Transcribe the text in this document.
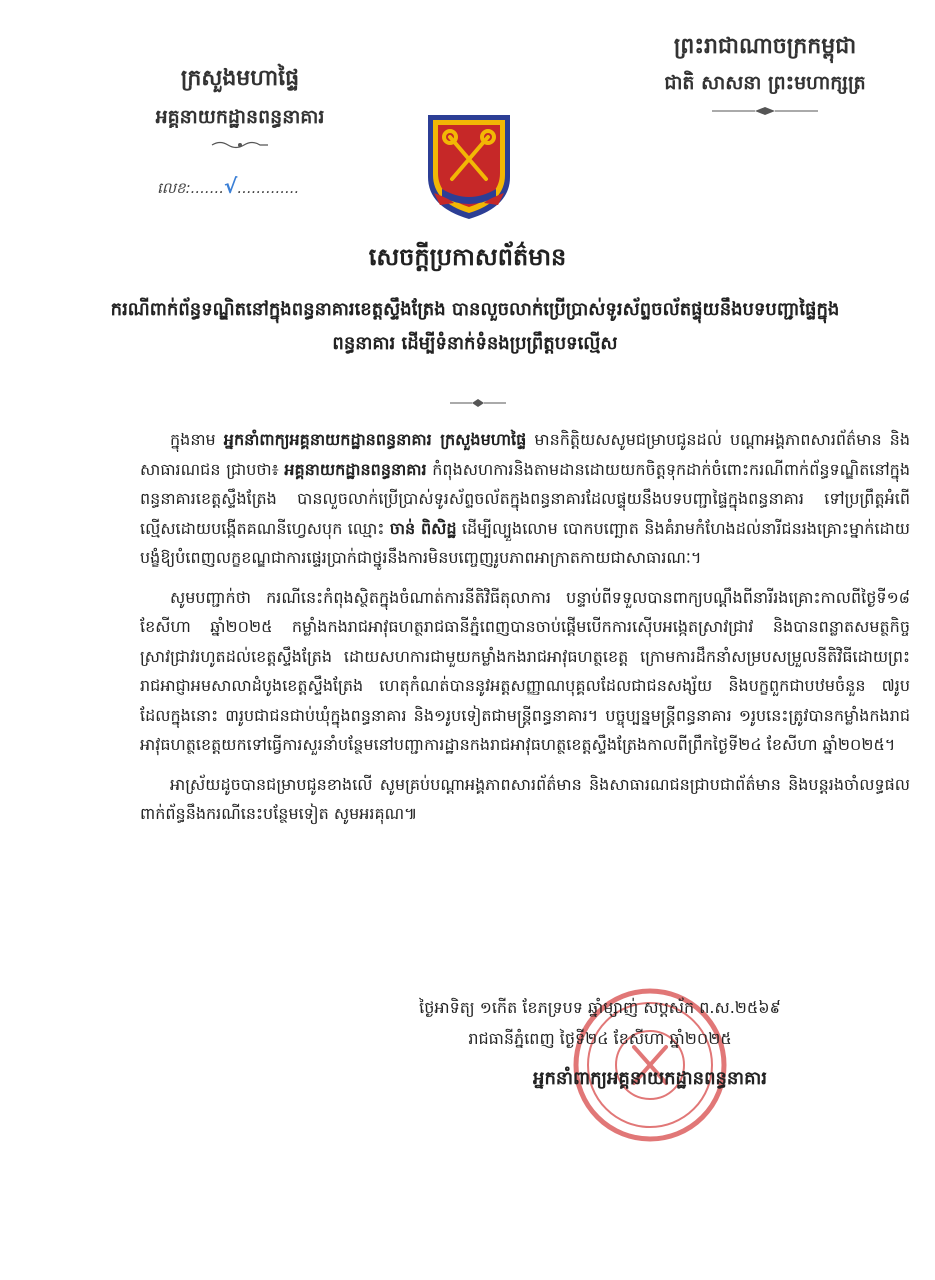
ក្រសួងមហាផ្ទៃ
អគ្គនាយកដ្ឋានពន្ធនាគារ
លេខ:.......√.............
ព្រះរាជាណាចក្រកម្ពុជា
ជាតិ សាសនា ព្រះមហាក្សត្រ
សេចក្តីប្រកាសព័ត៌មាន
ករណីពាក់ព័ន្ធទណ្ឌិតនៅក្នុងពន្ធនាគារខេត្តស្ទឹងត្រែង បានលួចលាក់ប្រើប្រាស់ទូរស័ព្ទចល័តផ្ទុយនឹងបទបញ្ជាផ្ទៃក្នុងពន្ធនាគារ ដើម្បីទំនាក់ទំនងប្រព្រឹត្តបទល្មើស

ក្នុងនាម អ្នកនាំពាក្យអគ្គនាយកដ្ឋានពន្ធនាគារ ក្រសួងមហាផ្ទៃ មានកិត្តិយសសូមជម្រាបជូនដល់ បណ្តាអង្គភាពសារព័ត៌មាន និងសាធារណជន ជ្រាបថា៖ អគ្គនាយកដ្ឋានពន្ធនាគារ កំពុងសហការនិងតាមដានដោយយកចិត្តទុកដាក់ចំពោះករណីពាក់ព័ន្ធទណ្ឌិតនៅក្នុងពន្ធនាគារខេត្តស្ទឹងត្រែង បានលួចលាក់ប្រើប្រាស់ទូរស័ព្ទចល័តក្នុងពន្ធនាគារដែលផ្ទុយនឹងបទបញ្ជាផ្ទៃក្នុងពន្ធនាគារ ទៅប្រព្រឹត្តអំពើល្មើសដោយបង្កើតគណនីហ្វេសបុក ឈ្មោះ ចាន់ ពិសិដ្ឋ ដើម្បីល្បួងលោម បោកបញ្ឆោត និងគំរាមកំហែងដល់នារីជនរងគ្រោះម្នាក់ដោយបង្ខំឱ្យបំពេញលក្ខខណ្ឌជាការផ្ទេរប្រាក់ជាថ្នូរនឹងការមិនបញ្ចេញរូបភាពអាក្រាតកាយជាសាធារណៈ។

សូមបញ្ជាក់ថា ករណីនេះកំពុងស្ថិតក្នុងចំណាត់ការនីតិវិធីតុលាការ បន្ទាប់ពីទទួលបានពាក្យបណ្តឹងពីនារីរងគ្រោះកាលពីថ្ងៃទី១៨ ខែសីហា ឆ្នាំ២០២៥ កម្លាំងកងរាជអាវុធហត្ថរាជធានីភ្នំពេញបានចាប់ផ្តើមបើកការស៊ើបអង្កេតស្រាវជ្រាវ និងបានពន្លាតសមត្ថកិច្ចស្រាវជ្រាវរហូតដល់ខេត្តស្ទឹងត្រែង ដោយសហការជាមួយកម្លាំងកងរាជអាវុធហត្ថខេត្ត ក្រោមការដឹកនាំសម្របសម្រួលនីតិវិធីដោយព្រះរាជអាជ្ញាអមសាលាដំបូងខេត្តស្ទឹងត្រែង ហេតុកំណត់បាននូវអត្តសញ្ញាណបុគ្គលដែលជាជនសង្ស័យ និងបក្ខពួកជាបឋមចំនួន ៧រូប ដែលក្នុងនោះ ៣រូបជាជនជាប់ឃុំក្នុងពន្ធនាគារ និង១រូបទៀតជាមន្ត្រីពន្ធនាគារ។ បច្ចុប្បន្នមន្ត្រីពន្ធនាគារ ១រូបនេះត្រូវបានកម្លាំងកងរាជអាវុធហត្ថខេត្តយកទៅធ្វើការសួរនាំបន្ថែមនៅបញ្ជាការដ្ឋានកងរាជអាវុធហត្ថខេត្តស្ទឹងត្រែងកាលពីព្រឹកថ្ងៃទី២៤ ខែសីហា ឆ្នាំ២០២៥។

អាស្រ័យដូចបានជម្រាបជូនខាងលើ សូមគ្រប់បណ្តាអង្គភាពសារព័ត៌មាន និងសាធារណជនជ្រាបជាព័ត៌មាន និងបន្តរងចាំលទ្ធផលពាក់ព័ន្ធនឹងករណីនេះបន្ថែមទៀត សូមអរគុណ៕

ថ្ងៃអាទិត្យ ១កើត ខែភទ្របទ ឆ្នាំម្សាញ់ សប្តស័ក ព.ស.២៥៦៩
រាជធានីភ្នំពេញ ថ្ងៃទី២៤ ខែសីហា ឆ្នាំ២០២៥
អ្នកនាំពាក្យអគ្គនាយកដ្ឋានពន្ធនាគារ
